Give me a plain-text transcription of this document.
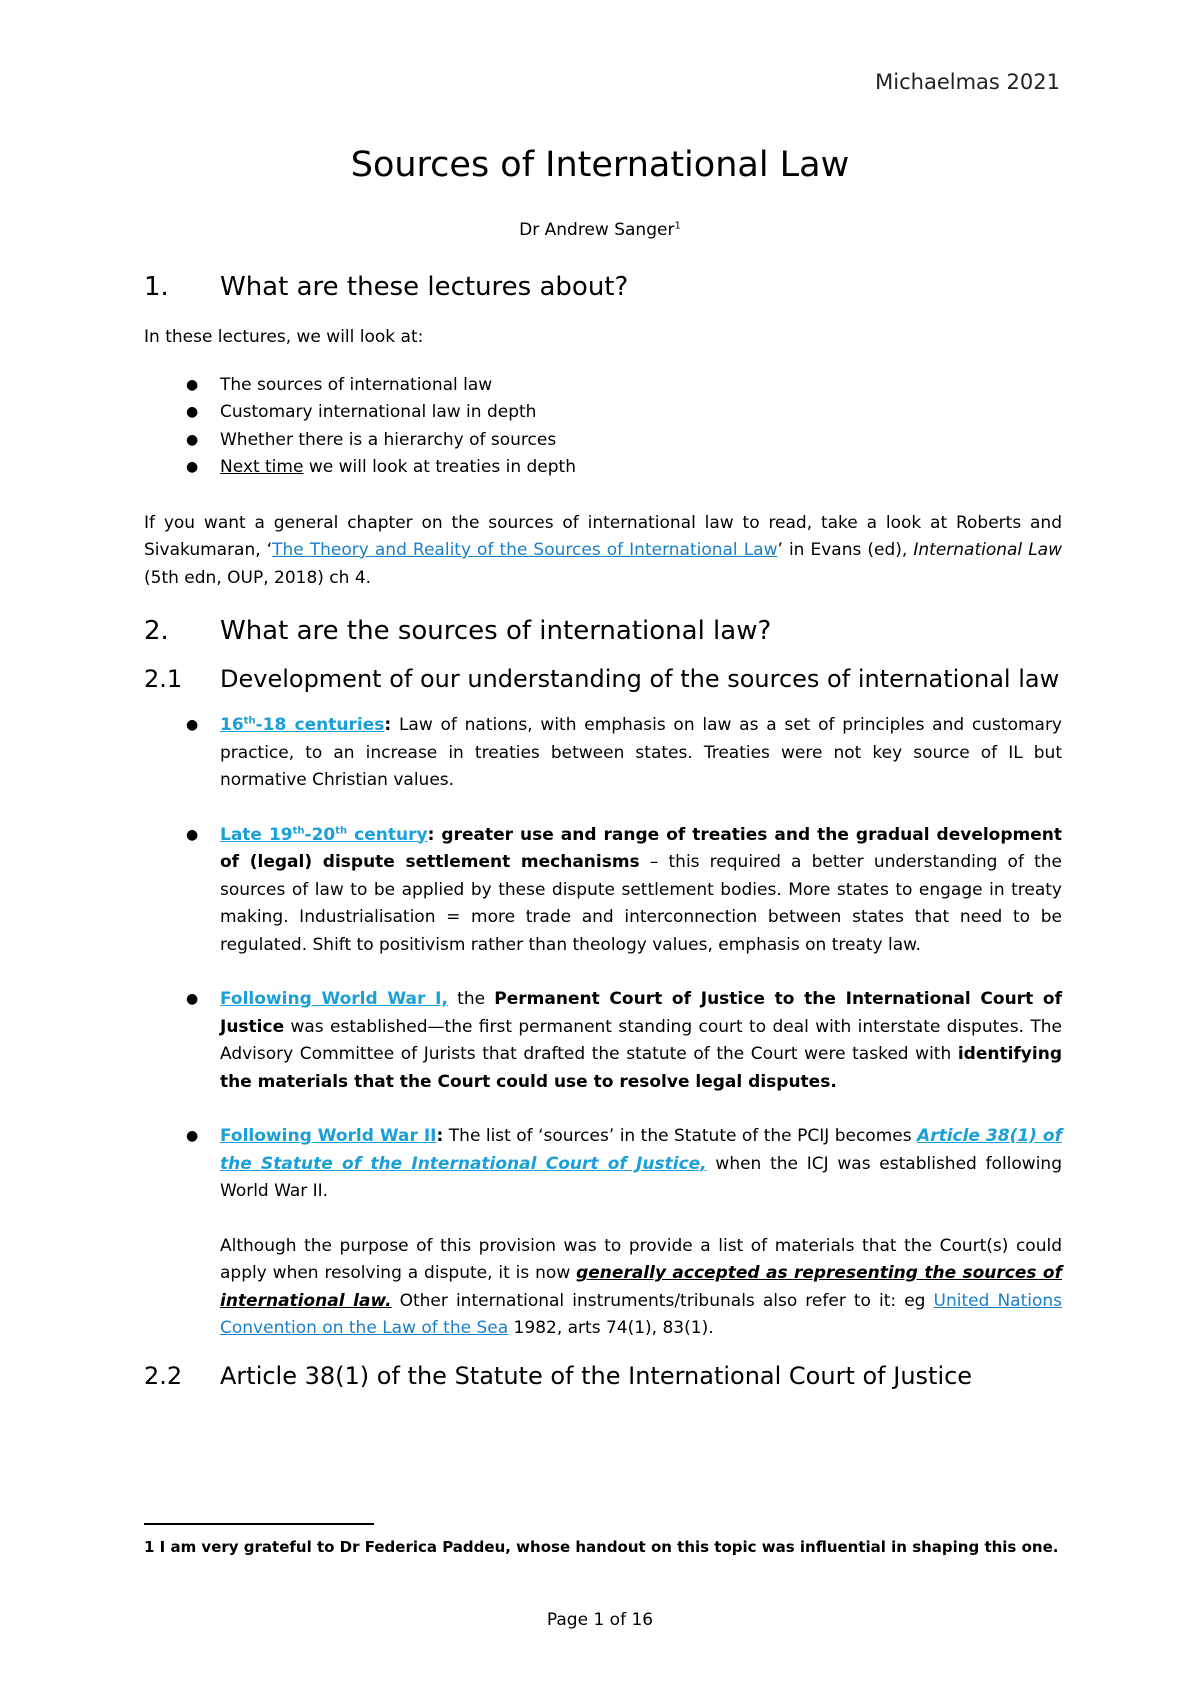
Michaelmas 2021
Sources of International Law
Dr Andrew Sanger$^1$
1. What are these lectures about?

In these lectures, we will look at:

● The sources of international law
● Customary international law in depth
● Whether there is a hierarchy of sources
● Next time we will look at treaties in depth

If you want a general chapter on the sources of international law to read, take a look at Roberts and Sivakumaran, ‘The Theory and Reality of the Sources of International Law’ in Evans (ed), International Law (5th edn, OUP, 2018) ch 4.

2. What are the sources of international law?
2.1 Development of our understanding of the sources of international law
● 16th-18 centuries: Law of nations, with emphasis on law as a set of principles and customary practice, to an increase in treaties between states. Treaties were not key source of IL but normative Christian values.
● Late 19th-20th century: greater use and range of treaties and the gradual development of (legal) dispute settlement mechanisms – this required a better understanding of the sources of law to be applied by these dispute settlement bodies. More states to engage in treaty making. Industrialisation = more trade and interconnection between states that need to be regulated. Shift to positivism rather than theology values, emphasis on treaty law.
● Following World War I, the Permanent Court of Justice to the International Court of Justice was established—the first permanent standing court to deal with interstate disputes. The Advisory Committee of Jurists that drafted the statute of the Court were tasked with identifying the materials that the Court could use to resolve legal disputes.
● Following World War II: The list of ‘sources’ in the Statute of the PCIJ becomes Article 38(1) of the Statute of the International Court of Justice, when the ICJ was established following World War II.

Although the purpose of this provision was to provide a list of materials that the Court(s) could apply when resolving a dispute, it is now generally accepted as representing the sources of international law. Other international instruments/tribunals also refer to it: eg United Nations Convention on the Law of the Sea 1982, arts 74(1), 83(1).

2.2 Article 38(1) of the Statute of the International Court of Justice
1 I am very grateful to Dr Federica Paddeu, whose handout on this topic was influential in shaping this one.
Page 1 of 16
